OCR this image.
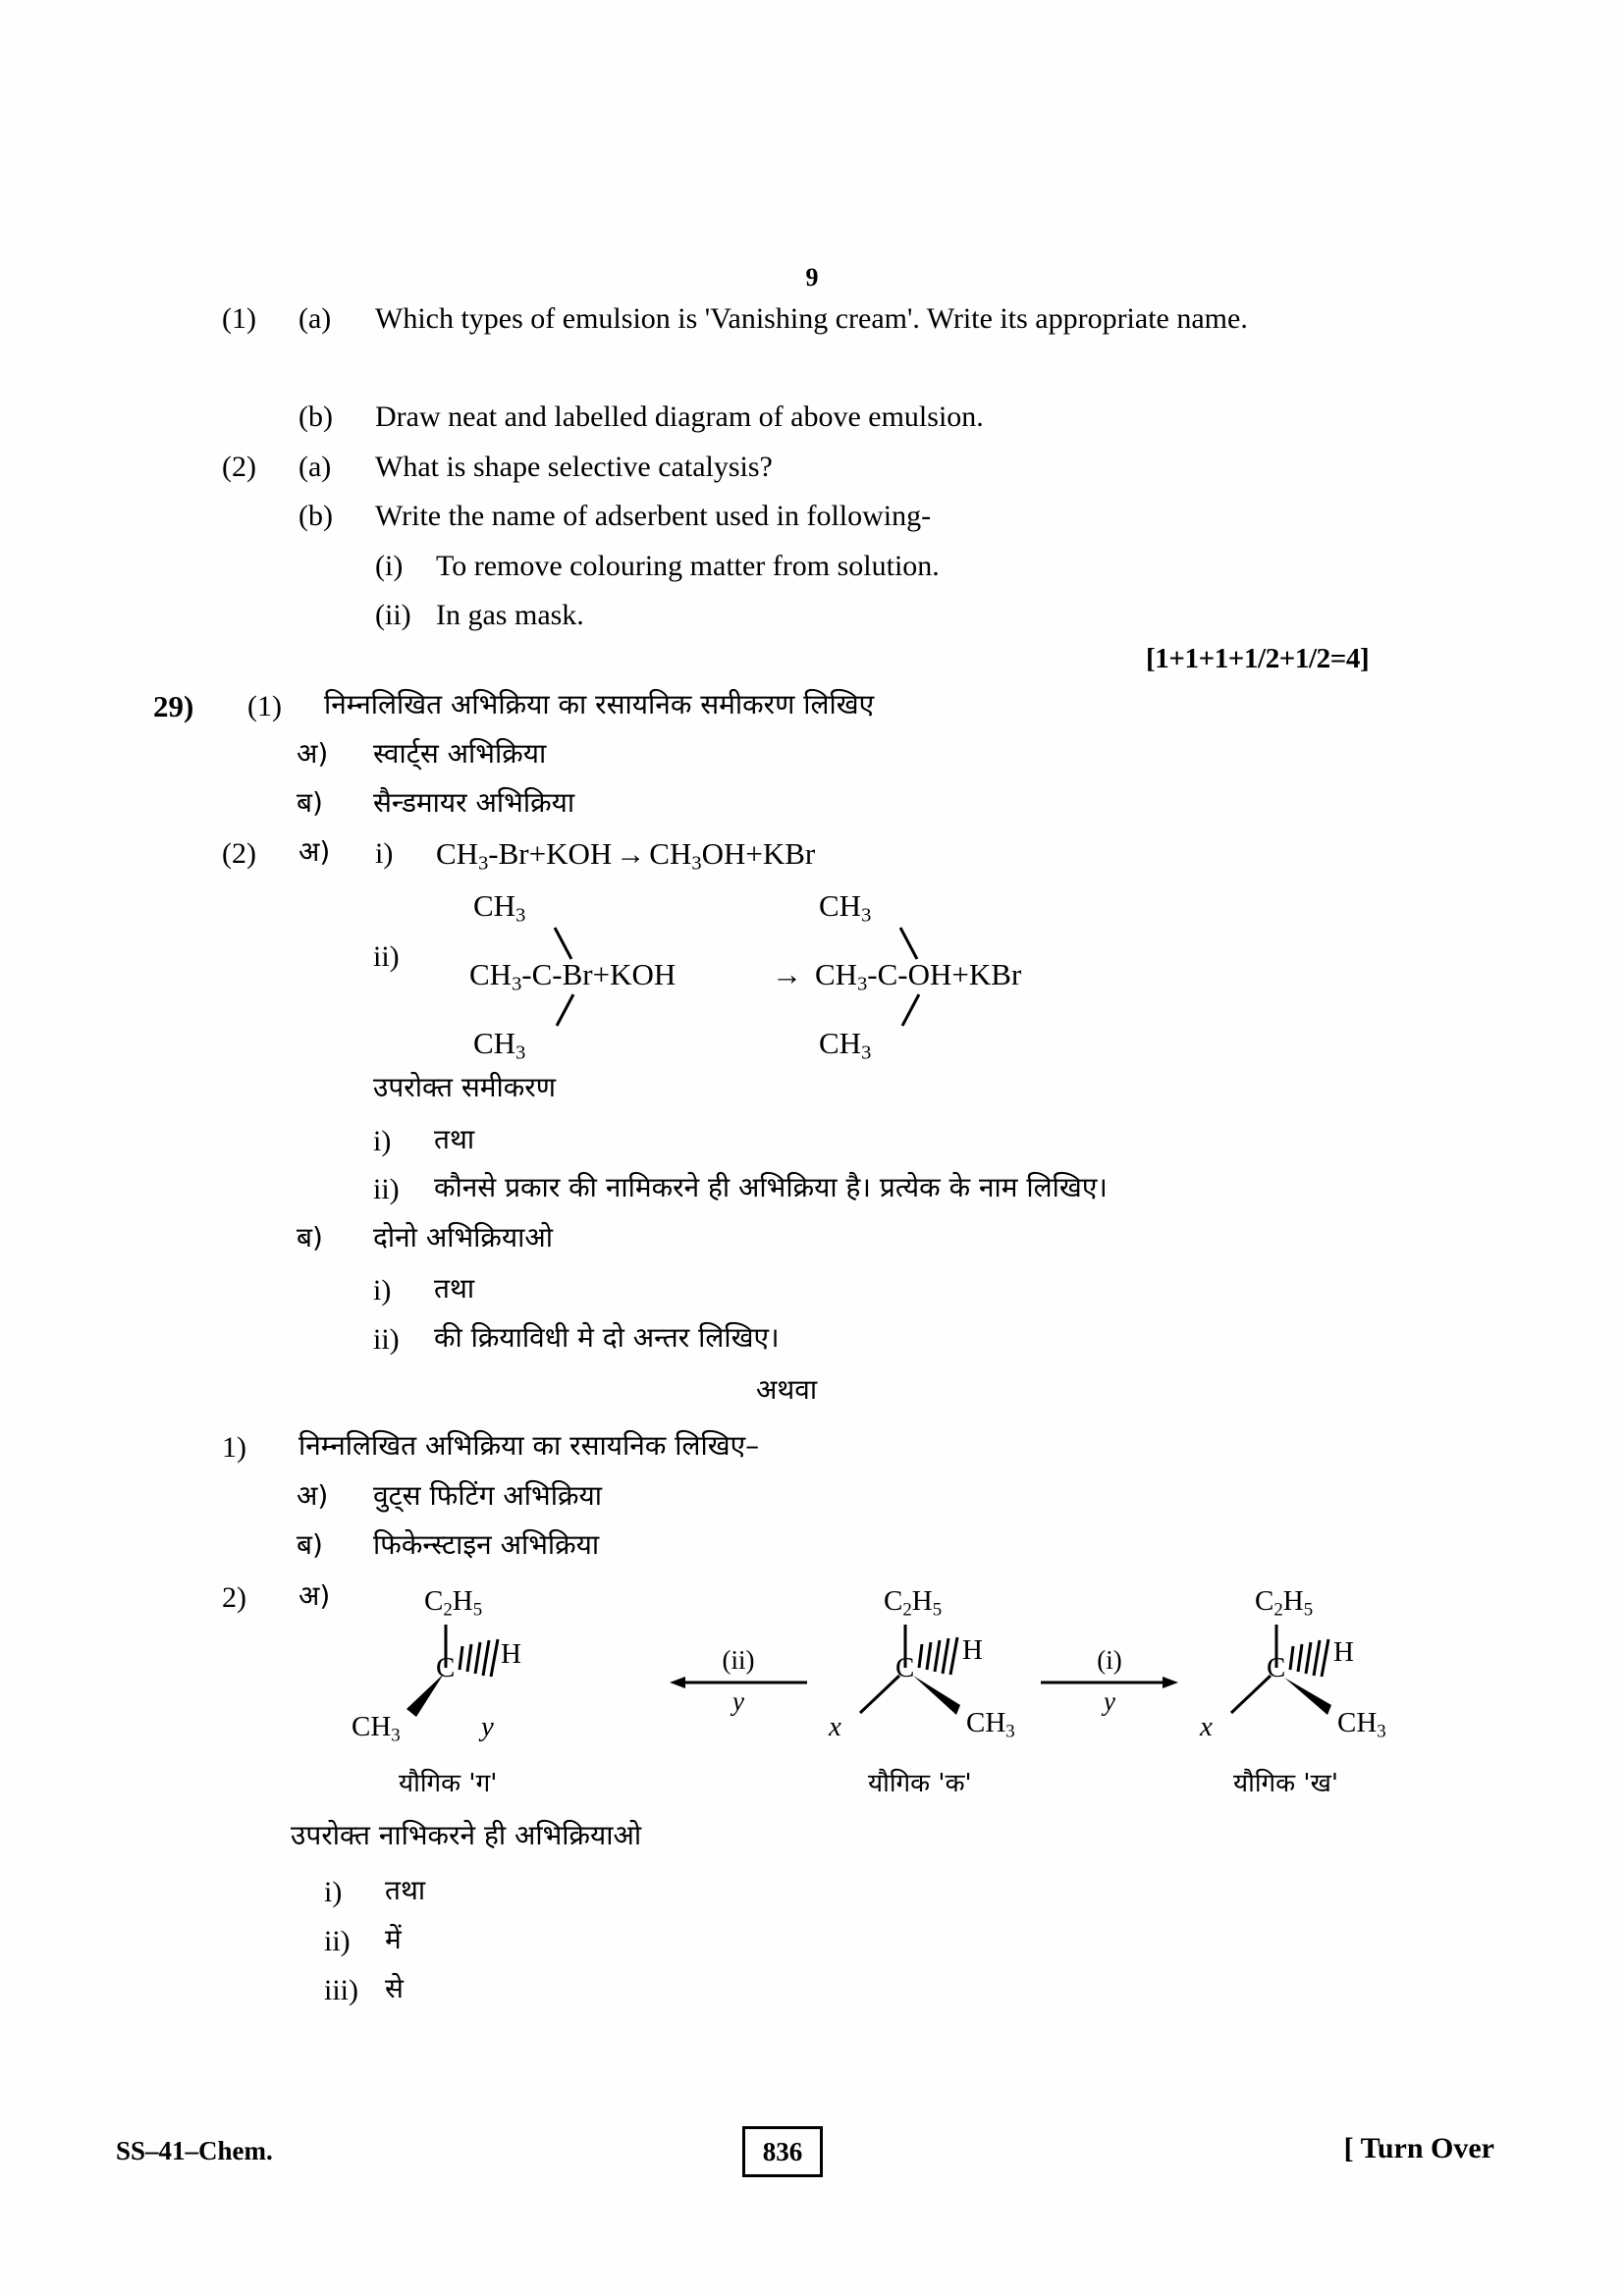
9
(1)	(a)	Which types of emulsion is 'Vanishing cream'. Write its appropriate name.
(b)	Draw neat and labelled diagram of above emulsion.
(2)	(a)	What is shape selective catalysis?
(b)	Write the name of adserbent used in following-
(i)	To remove colouring matter from solution.
(ii) In gas mask.
[1+1+1+1/2+1/2=4]
29)	(1)	निम्नलिखित अभिक्रिया का रसायनिक समीकरण लिखिए
अ)	स्वार्ट्स अभिक्रिया
ब)	सैन्डमायर अभिक्रिया
(2)	अ)	i)	$CH_3-Br+KOH \to CH_3OH+KBr$
ii)
$CH_3$
$CH_3-C-Br+KOH$
$CH_3$
→
$CH_3$
$CH_3-C-OH+KBr$
$CH_3$
उपरोक्त समीकरण
i)	तथा
ii)	कौनसे प्रकार की नामिकरने ही अभिक्रिया है। प्रत्येक के नाम लिखिए।
ब)	दोनो अभिक्रियाओ
i)	तथा
ii)	की क्रियाविधी मे दो अन्तर लिखिए।
अथवा
1)	निम्नलिखित अभिक्रिया का रसायनिक लिखिए–
अ)	वुट्स फिटिंग अभिक्रिया
ब)	फिकेन्स्टाइन अभिक्रिया
2)	अ)	$C_2H_5$
C H
$CH_3$	y
यौगिक 'ग'
(ii)
y
$C_2H_5$
C
H
$CH_3$
x
यौगिक 'क'
(i)
y
$C_2H_5$
C H
$CH_3$
x
यौगिक 'ख'
उपरोक्त नाभिकरने ही अभिक्रियाओ
i)	तथा
ii)	में
iii) से
SS–41–Chem.	836	[ Turn Over
